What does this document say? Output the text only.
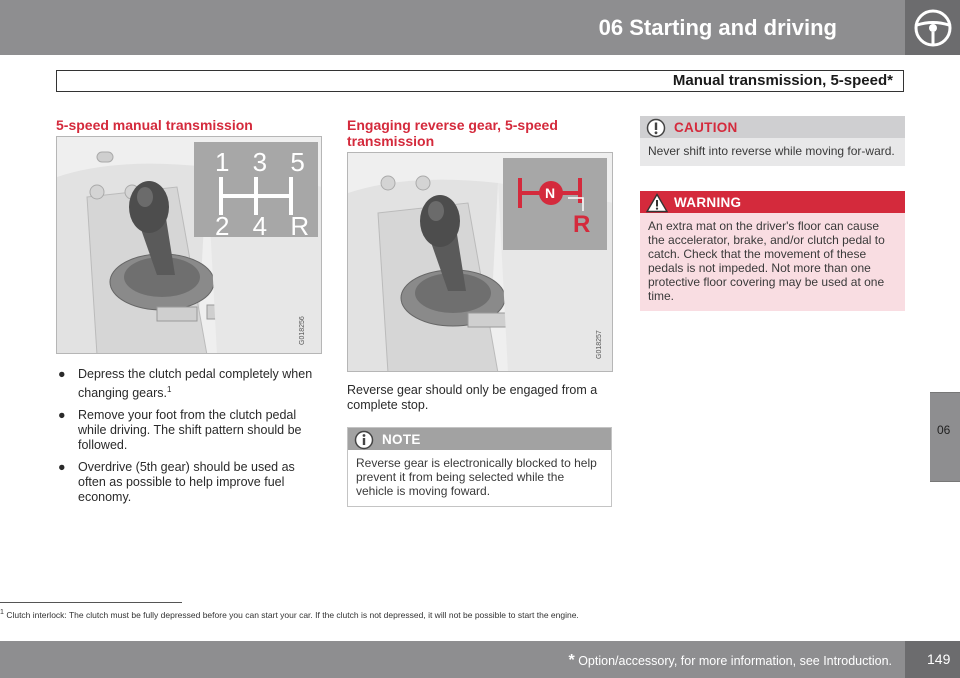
06 Starting and driving
Manual transmission, 5-speed*
06
5-speed manual transmission
1 3 5
2 4 R
G018256
● Depress the clutch pedal completely when changing gears.$^1$
● Remove your foot from the clutch pedal while driving. The shift pattern should be followed.
● Overdrive (5th gear) should be used as often as possible to help improve fuel economy.
Engaging reverse gear, 5-speed transmission
N
R
G018257
Reverse gear should only be engaged from a complete stop.
NOTE
Reverse gear is electronically blocked to help prevent it from being selected while the vehicle is moving foward.
CAUTION
Never shift into reverse while moving for-ward.
WARNING
An extra mat on the driver's floor can cause the accelerator, brake, and/or clutch pedal to catch. Check that the movement of these pedals is not impeded. Not more than one protective floor covering may be used at one time.
$^1$ Clutch interlock: The clutch must be fully depressed before you can start your car. If the clutch is not depressed, it will not be possible to start the engine.
* Option/accessory, for more information, see Introduction.	149
